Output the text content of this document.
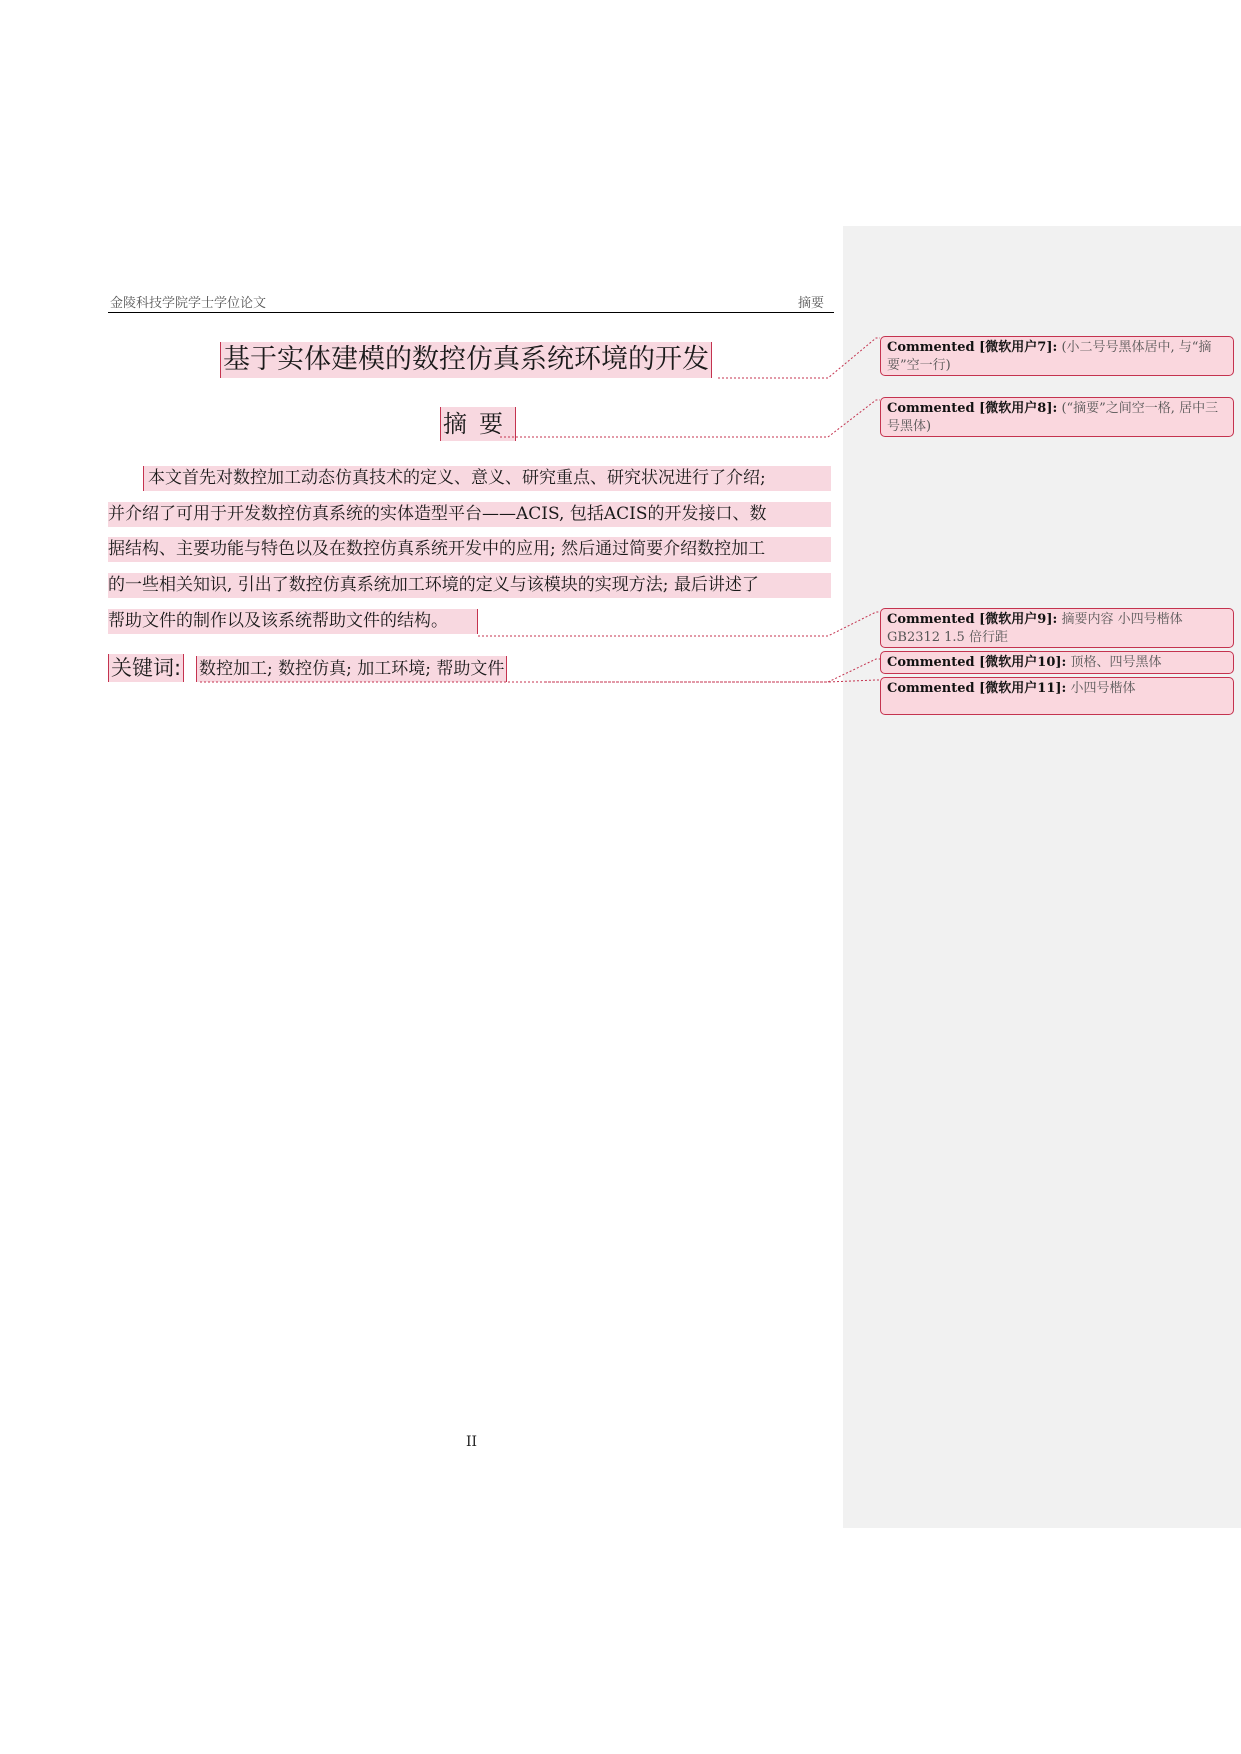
金陵科技学院学士学位论文	摘要
基于实体建模的数控仿真系统环境的开发
摘要
本文首先对数控加工动态仿真技术的定义、意义、研究重点、研究状况进行了介绍;
并介绍了可用于开发数控仿真系统的实体造型平台——ACIS, 包括ACIS的开发接口、数
据结构、主要功能与特色以及在数控仿真系统开发中的应用; 然后通过简要介绍数控加工
的一些相关知识, 引出了数控仿真系统加工环境的定义与该模块的实现方法; 最后讲述了
帮助文件的制作以及该系统帮助文件的结构。
关键词: 数控加工; 数控仿真; 加工环境; 帮助文件
II
Commented [微软用户7]: (小二号号黑体居中, 与“摘要”空一行)
Commented [微软用户8]: (“摘要”之间空一格, 居中三号黑体)
Commented [微软用户9]: 摘要内容 小四号楷体 GB2312 1.5 倍行距
Commented [微软用户10]: 顶格、四号黑体
Commented [微软用户11]: 小四号楷体
